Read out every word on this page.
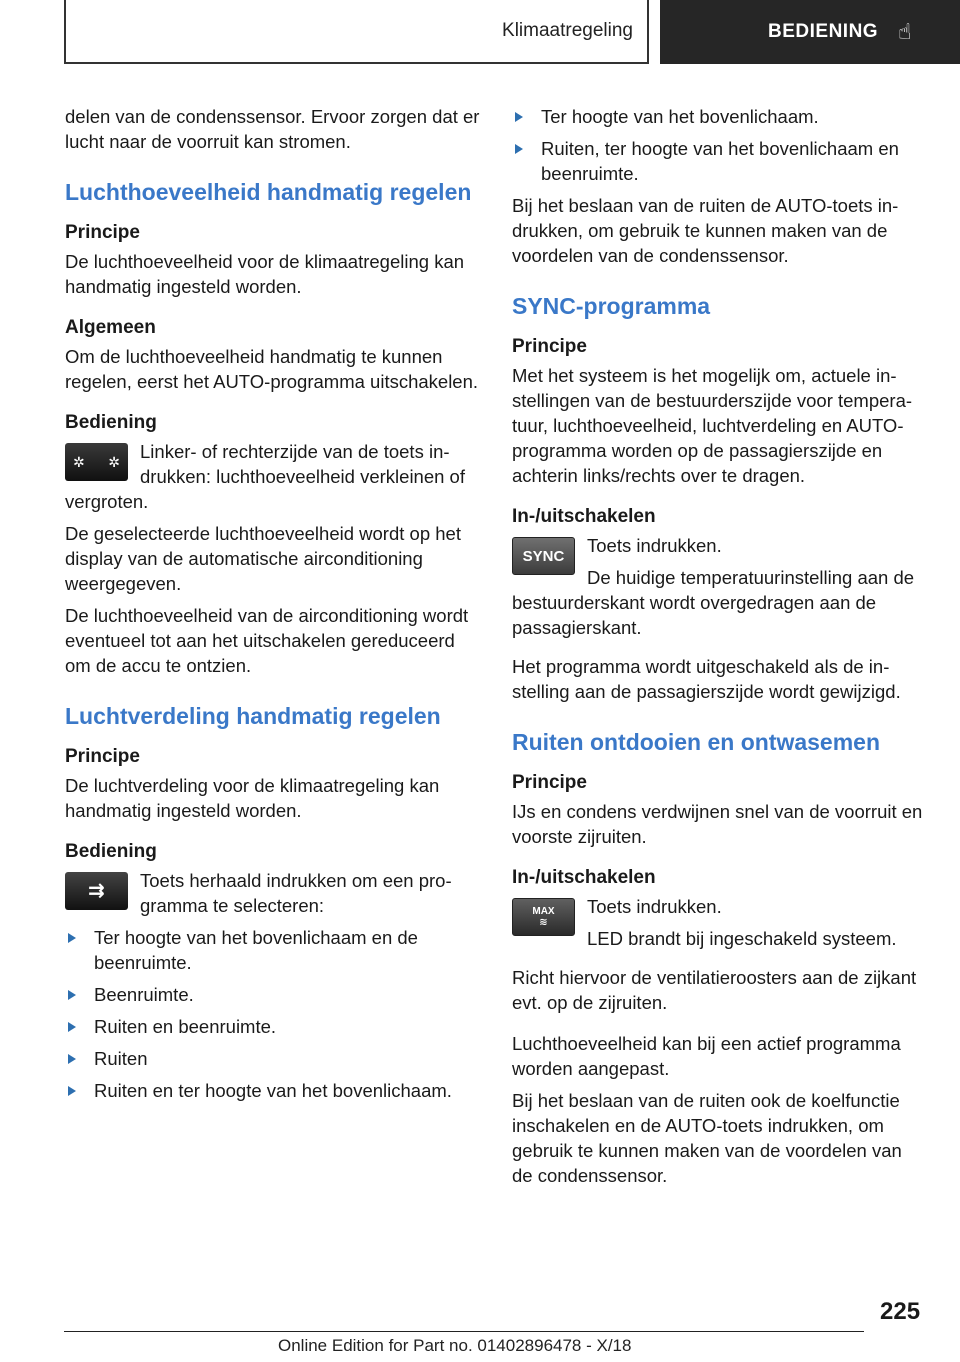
Klimaatregeling	BEDIENING ☝

delen van de condenssensor. Ervoor zorgen dat er lucht naar de voorruit kan stromen.

Luchthoeveelheid handmatig regelen
Principe

De luchthoeveelheid voor de klimaatregeling kan handmatig ingesteld worden.

Algemeen

Om de luchthoeveelheid handmatig te kunnen regelen, eerst het AUTO-programma uitschakelen.

Bediening
✲ ✲ Linker- of rechterzijde van de toets indrukken: luchthoeveelheid verkleinen of vergroten.

De geselecteerde luchthoeveelheid wordt op het display van de automatische airconditioning weergegeven.

De luchthoeveelheid van de airconditioning wordt eventueel tot aan het uitschakelen gereduceerd om de accu te ontzien.

Luchtverdeling handmatig regelen
Principe

De luchtverdeling voor de klimaatregeling kan handmatig ingesteld worden.

Bediening
⇉	Toets herhaald indrukken om een programma te selecteren:
Ter hoogte van het bovenlichaam en de beenruimte.
Beenruimte.
Ruiten en beenruimte.
Ruiten
Ruiten en ter hoogte van het bovenlichaam.
Ter hoogte van het bovenlichaam.
Ruiten, ter hoogte van het bovenlichaam en beenruimte.

Bij het beslaan van de ruiten de AUTO-toets indrukken, om gebruik te kunnen maken van de voordelen van de condenssensor.

SYNC-programma
Principe

Met het systeem is het mogelijk om, actuele instellingen van de bestuurderszijde voor temperatuur, luchthoeveelheid, luchtverdeling en AUTO-programma worden op de passagierszijde en achterin links/rechts over te dragen.

In-/uitschakelen
SYNC	Toets indrukken.

De huidige temperatuurinstelling aan de bestuurderskant wordt overgedragen aan de passagierskant.

Het programma wordt uitgeschakeld als de instelling aan de passagierszijde wordt gewijzigd.

Ruiten ontdooien en ontwasemen
Principe

IJs en condens verdwijnen snel van de voorruit en voorste zijruiten.

In-/uitschakelen
MAX
≋

Toets indrukken.

LED brandt bij ingeschakeld systeem.

Richt hiervoor de ventilatieroosters aan de zijkant evt. op de zijruiten.

Luchthoeveelheid kan bij een actief programma worden aangepast.

Bij het beslaan van de ruiten ook de koelfunctie inschakelen en de AUTO-toets indrukken, om gebruik te kunnen maken van de voordelen van de condenssensor.

225
Online Edition for Part no. 01402896478 - X/18
